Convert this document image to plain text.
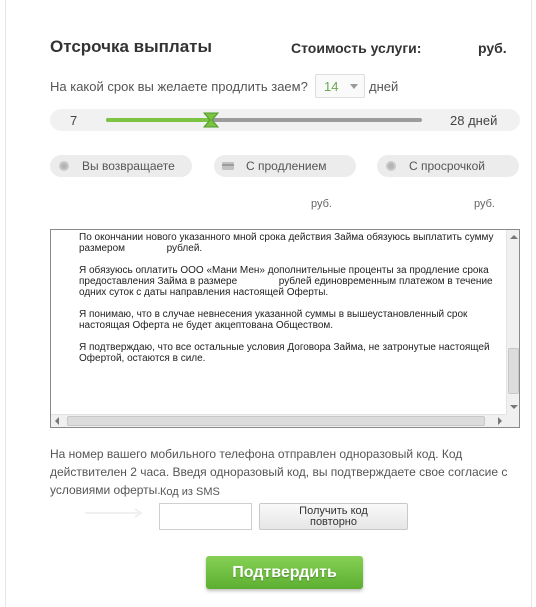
Отсрочка выплаты	Стоимость услуги:	руб.
На какой срок вы желаете продлить заем? 14 дней
7	28 дней
Вы возвращаете	С продлением	С просрочкой
руб.	руб.

По окончании нового указанного мной срока действия Займа обязуюсь выплатить сумму размером	рублей.

Я обязуюсь оплатить ООО «Мани Мен» дополнительные проценты за продление срока предоставления Займа в размере	рублей единовременным платежом в течение одних суток с даты направления настоящей Оферты.

Я понимаю, что в случае невнесения указанной суммы в вышеустановленный срок настоящая Оферта не будет акцептована Обществом.

Я подтверждаю, что все остальные условия Договора Займа, не затронутые настоящей Офертой, остаются в силе.

На номер вашего мобильного телефона отправлен одноразовый код. Код действителен 2 часа. Введя одноразовый код, вы подтверждаете свое согласие с условиями оферты. Код из SMS
Получить код повторно
Подтвердить
